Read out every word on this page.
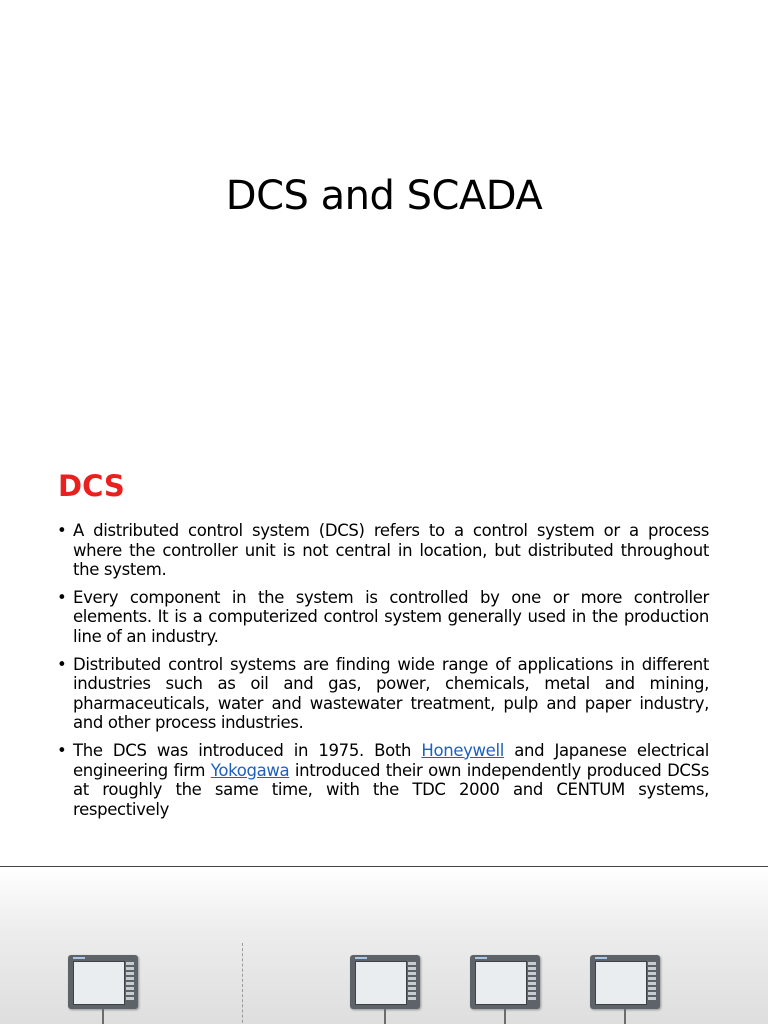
DCS and SCADA
DCS
• A distributed control system (DCS) refers to a control system or a process where the controller unit is not central in location, but distributed throughout the system.
• Every component in the system is controlled by one or more controller elements. It is a computerized control system generally used in the production line of an industry.
• Distributed control systems are finding wide range of applications in different industries such as oil and gas, power, chemicals, metal and mining, pharmaceuticals, water and wastewater treatment, pulp and paper industry, and other process industries.
• The DCS was introduced in 1975. Both Honeywell and Japanese electrical engineering firm Yokogawa introduced their own independently produced DCSs at roughly the same time, with the TDC 2000 and CENTUM systems, respectively
